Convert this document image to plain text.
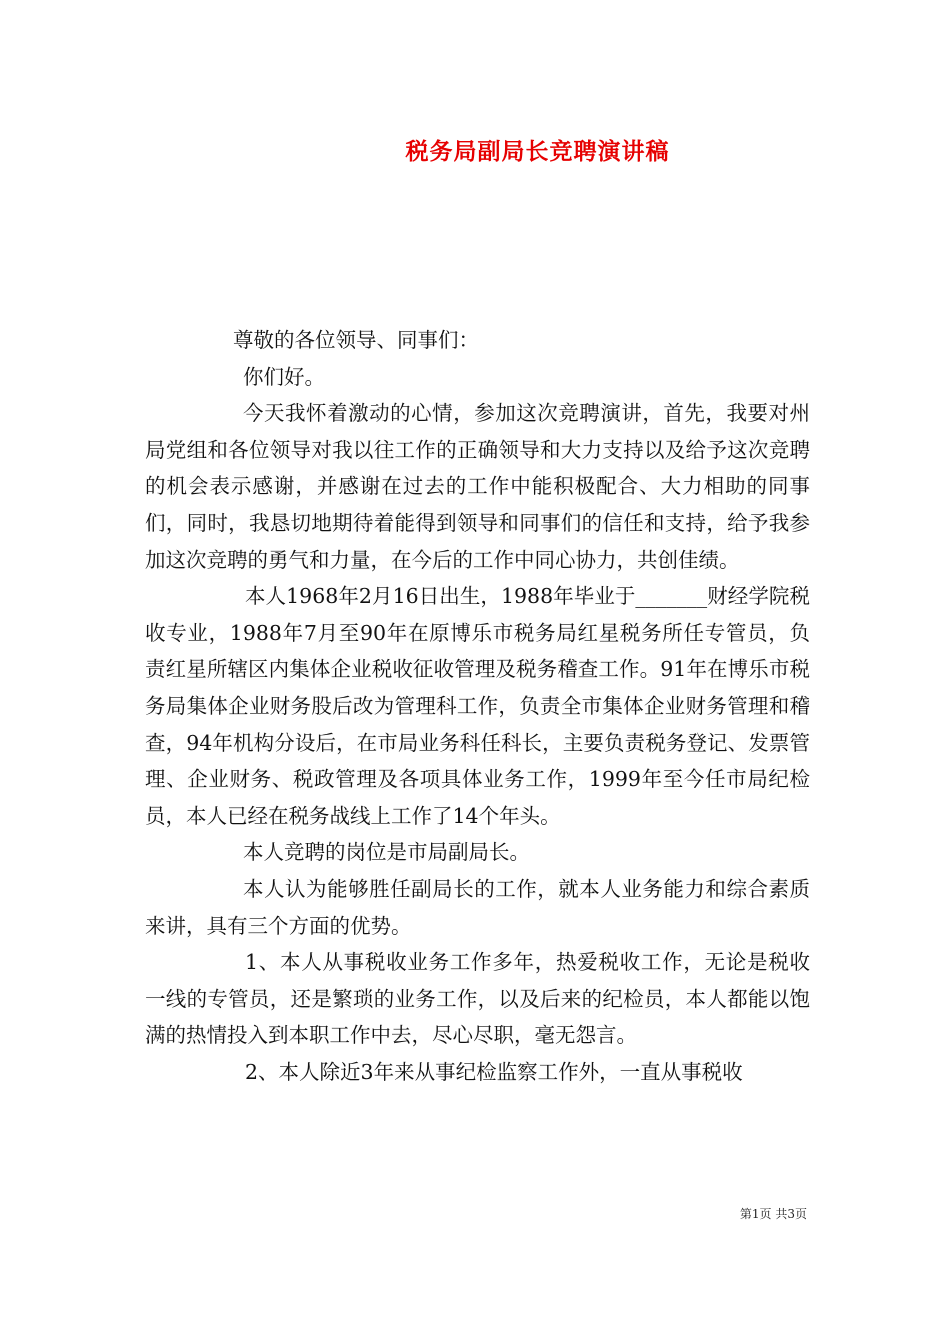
税务局副局长竞聘演讲稿

尊敬的各位领导、同事们：

你们好。

今天我怀着激动的心情，参加这次竞聘演讲，首先，我要对州局党组和各位领导对我以往工作的正确领导和大力支持以及给予这次竞聘的机会表示感谢，并感谢在过去的工作中能积极配合、大力相助的同事们，同时，我恳切地期待着能得到领导和同事们的信任和支持，给予我参加这次竞聘的勇气和力量，在今后的工作中同心协力，共创佳绩。

本人1968年2月16日出生，1988年毕业于_______财经学院税收专业，1988年7月至90年在原博乐市税务局红星税务所任专管员，负责红星所辖区内集体企业税收征收管理及税务稽查工作。91年在博乐市税务局集体企业财务股后改为管理科工作，负责全市集体企业财务管理和稽查，94年机构分设后，在市局业务科任科长，主要负责税务登记、发票管理、企业财务、税政管理及各项具体业务工作，1999年至今任市局纪检员，本人已经在税务战线上工作了14个年头。

本人竞聘的岗位是市局副局长。

本人认为能够胜任副局长的工作，就本人业务能力和综合素质来讲，具有三个方面的优势。

1、本人从事税收业务工作多年，热爱税收工作，无论是税收一线的专管员，还是繁琐的业务工作，以及后来的纪检员，本人都能以饱满的热情投入到本职工作中去，尽心尽职，毫无怨言。

2、本人除近3年来从事纪检监察工作外，一直从事税收

第1页 共3页
